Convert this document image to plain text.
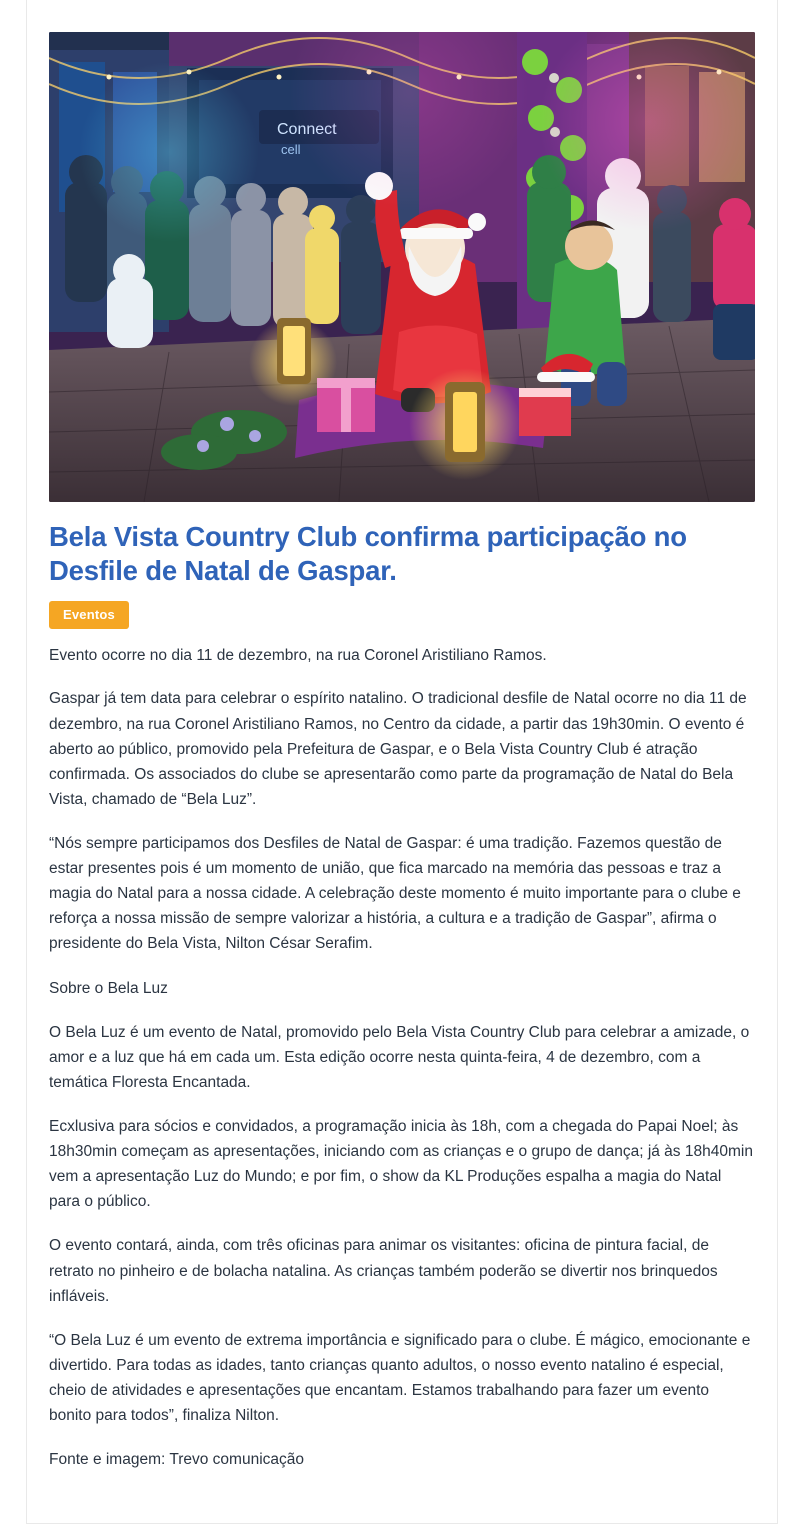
Connect
cell
Bela Vista Country Club confirma participação no Desfile de Natal de Gaspar.
Eventos

Evento ocorre no dia 11 de dezembro, na rua Coronel Aristiliano Ramos.

Gaspar já tem data para celebrar o espírito natalino. O tradicional desfile de Natal ocorre no dia 11 de dezembro, na rua Coronel Aristiliano Ramos, no Centro da cidade, a partir das 19h30min. O evento é aberto ao público, promovido pela Prefeitura de Gaspar, e o Bela Vista Country Club é atração confirmada. Os associados do clube se apresentarão como parte da programação de Natal do Bela Vista, chamado de “Bela Luz”.

“Nós sempre participamos dos Desfiles de Natal de Gaspar: é uma tradição. Fazemos questão de estar presentes pois é um momento de união, que fica marcado na memória das pessoas e traz a magia do Natal para a nossa cidade. A celebração deste momento é muito importante para o clube e reforça a nossa missão de sempre valorizar a história, a cultura e a tradição de Gaspar”, afirma o presidente do Bela Vista, Nilton César Serafim.

Sobre o Bela Luz

O Bela Luz é um evento de Natal, promovido pelo Bela Vista Country Club para celebrar a amizade, o amor e a luz que há em cada um. Esta edição ocorre nesta quinta-feira, 4 de dezembro, com a temática Floresta Encantada.

Ecxlusiva para sócios e convidados, a programação inicia às 18h, com a chegada do Papai Noel; às 18h30min começam as apresentações, iniciando com as crianças e o grupo de dança; já às 18h40min vem a apresentação Luz do Mundo; e por fim, o show da KL Produções espalha a magia do Natal para o público.

O evento contará, ainda, com três oficinas para animar os visitantes: oficina de pintura facial, de retrato no pinheiro e de bolacha natalina. As crianças também poderão se divertir nos brinquedos infláveis.

“O Bela Luz é um evento de extrema importância e significado para o clube. É mágico, emocionante e divertido. Para todas as idades, tanto crianças quanto adultos, o nosso evento natalino é especial, cheio de atividades e apresentações que encantam. Estamos trabalhando para fazer um evento bonito para todos”, finaliza Nilton.

Fonte e imagem: Trevo comunicação
